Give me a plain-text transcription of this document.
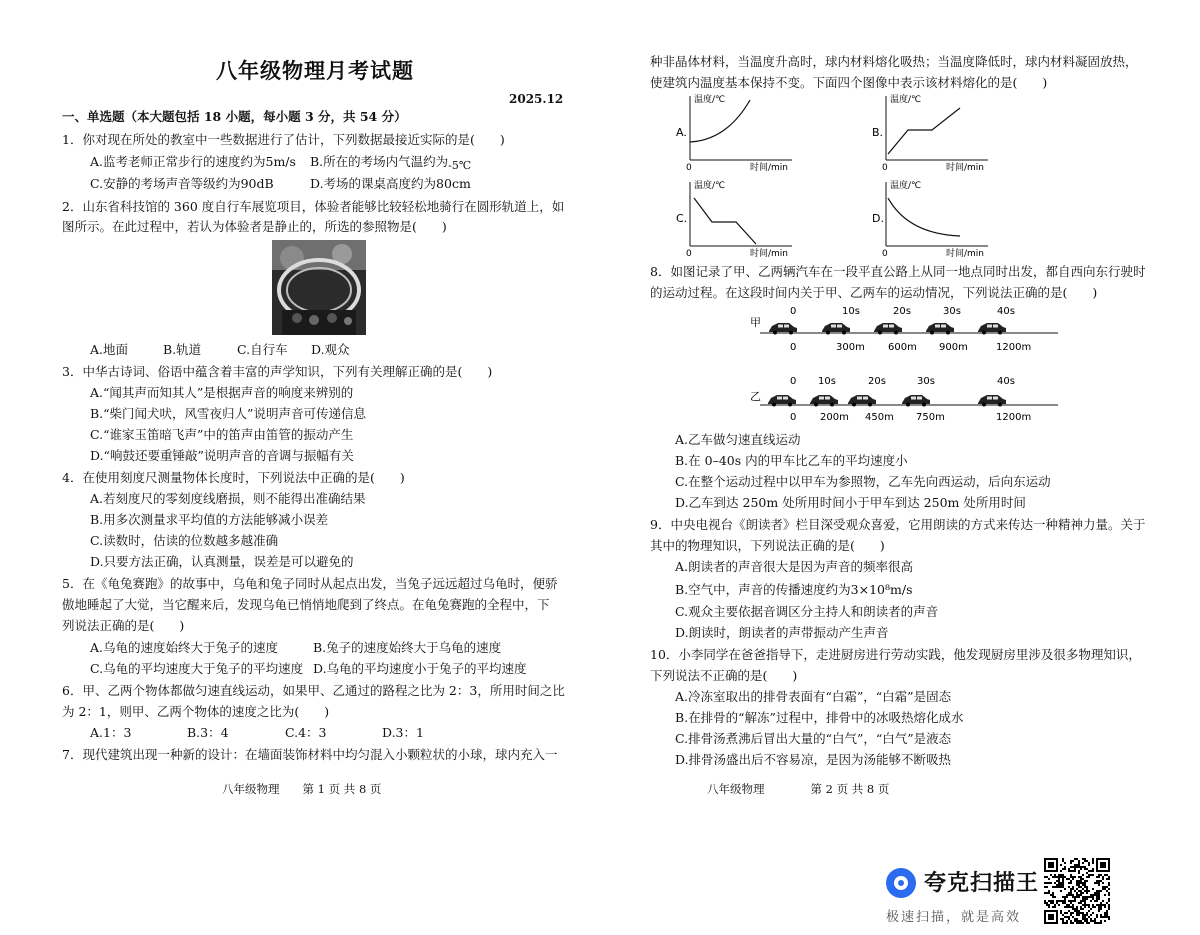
八年级物理月考试题
2025.12
一、单选题（本大题包括 18 小题，每小题 3 分，共 54 分）
1．你对现在所处的教室中一些数据进行了估计，下列数据最接近实际的是(　　)
A.监考老师正常步行的速度约为5m/s B.所在的考场内气温约为-5℃
C.安静的考场声音等级约为90dB	D.考场的课桌高度约为80cm
2．山东省科技馆的 360 度自行车展览项目，体验者能够比较轻松地骑行在圆形轨道上，如
图所示。在此过程中，若认为体验者是静止的，所选的参照物是(　　)
A.地面	B.轨道	C.自行车 D.观众
3．中华古诗词、俗语中蕴含着丰富的声学知识，下列有关理解正确的是(　　)
A.“闻其声而知其人”是根据声音的响度来辨别的
B.“柴门闻犬吠，风雪夜归人”说明声音可传递信息
C.“谁家玉笛暗飞声”中的笛声由笛管的振动产生
D.“响鼓还要重锤敲”说明声音的音调与振幅有关
4．在使用刻度尺测量物体长度时，下列说法中正确的是(　　)
A.若刻度尺的零刻度线磨损，则不能得出准确结果
B.用多次测量求平均值的方法能够减小误差
C.读数时，估读的位数越多越准确
D.只要方法正确，认真测量，误差是可以避免的
5．在《龟兔赛跑》的故事中，乌龟和兔子同时从起点出发，当兔子远远超过乌龟时，便骄
傲地睡起了大觉，当它醒来后，发现乌龟已悄悄地爬到了终点。在龟兔赛跑的全程中，下
列说法正确的是(　　)
A.乌龟的速度始终大于兔子的速度	B.兔子的速度始终大于乌龟的速度
C.乌龟的平均速度大于兔子的平均速度 D.乌龟的平均速度小于兔子的平均速度
6．甲、乙两个物体都做匀速直线运动，如果甲、乙通过的路程之比为 2：3，所用时间之比
为 2：1，则甲、乙两个物体的速度之比为(　　)
A.1：3	B.3：4	C.4：3	D.3：1
7．现代建筑出现一种新的设计：在墙面装饰材料中均匀混入小颗粒状的小球，球内充入一
八年级物理　　第 1 页 共 8 页
种非晶体材料，当温度升高时，球内材料熔化吸热；当温度降低时，球内材料凝固放热，
使建筑内温度基本保持不变。下面四个图像中表示该材料熔化的是(　　)
A.
温度/℃
0	时间/min
B.
温度/℃
0	时间/min
C.
温度/℃
0	时间/min
D.
温度/℃
0	时间/min
8．如图记录了甲、乙两辆汽车在一段平直公路上从同一地点同时出发，都自西向东行驶时
的运动过程。在这段时间内关于甲、乙两车的运动情况，下列说法正确的是(　　)
甲
0	10s	20s	30s	40s
0	300m 600m 900m	1200m
乙
0 10s	20s	30s	40s
0 200m 450m 750m	1200m
A.乙车做匀速直线运动
B.在 0–40s 内的甲车比乙车的平均速度小
C.在整个运动过程中以甲车为参照物，乙车先向西运动，后向东运动
D.乙车到达 250m 处所用时间小于甲车到达 250m 处所用时间
9．中央电视台《朗读者》栏目深受观众喜爱，它用朗读的方式来传达一种精神力量。关于
其中的物理知识，下列说法正确的是(　　)
A.朗读者的声音很大是因为声音的频率很高
B.空气中，声音的传播速度约为3×10⁸m/s
C.观众主要依据音调区分主持人和朗读者的声音
D.朗读时，朗读者的声带振动产生声音
10．小李同学在爸爸指导下，走进厨房进行劳动实践，他发现厨房里涉及很多物理知识，
下列说法不正确的是(　　)
A.冷冻室取出的排骨表面有“白霜”，“白霜”是固态
B.在排骨的“解冻”过程中，排骨中的冰吸热熔化成水
C.排骨汤煮沸后冒出大量的“白气”，“白气”是液态
D.排骨汤盛出后不容易凉，是因为汤能够不断吸热
八年级物理　　　　第 2 页 共 8 页
夸克扫描王
极速扫描，就是高效
